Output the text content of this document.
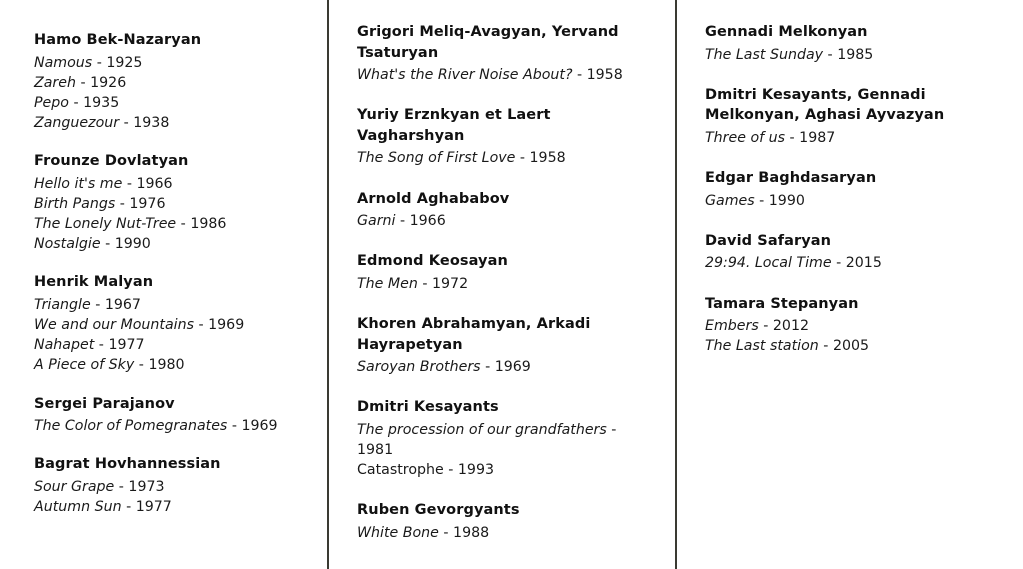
Hamo Bek-Nazaryan
Namous - 1925
Zareh - 1926
Pepo - 1935
Zanguezour - 1938
Frounze Dovlatyan
Hello it's me - 1966
Birth Pangs - 1976
The Lonely Nut-Tree - 1986
Nostalgie - 1990
Henrik Malyan
Triangle - 1967
We and our Mountains - 1969
Nahapet - 1977
A Piece of Sky - 1980
Sergei Parajanov
The Color of Pomegranates - 1969
Bagrat Hovhannessian
Sour Grape - 1973
Autumn Sun - 1977
Grigori Meliq-Avagyan, Yervand Tsaturyan
What's the River Noise About? - 1958
Yuriy Erznkyan et Laert Vagharshyan
The Song of First Love - 1958
Arnold Aghababov
Garni - 1966
Edmond Keosayan
The Men - 1972
Khoren Abrahamyan, Arkadi Hayrapetyan
Saroyan Brothers - 1969
Dmitri Kesayants
The procession of our grandfathers - 1981
Catastrophe - 1993
Ruben Gevorgyants
White Bone - 1988
Gennadi Melkonyan
The Last Sunday - 1985
Dmitri Kesayants, Gennadi Melkonyan, Aghasi Ayvazyan
Three of us - 1987
Edgar Baghdasaryan
Games - 1990
David Safaryan
29:94. Local Time - 2015
Tamara Stepanyan
Embers - 2012
The Last station - 2005
